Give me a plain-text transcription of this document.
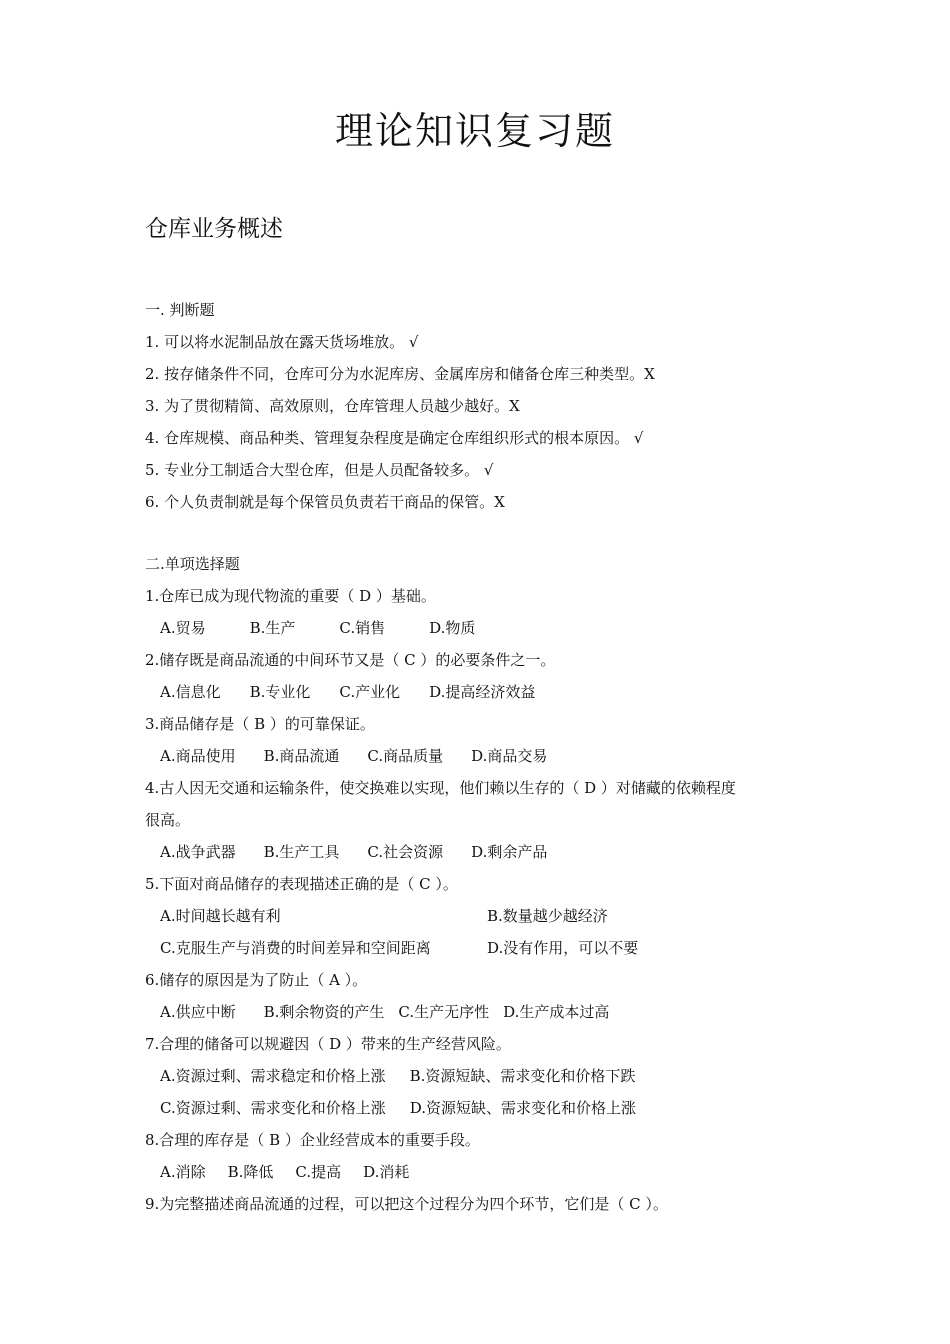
理论知识复习题
仓库业务概述
一. 判断题
1. 可以将水泥制品放在露天货场堆放。 √
2. 按存储条件不同，仓库可分为水泥库房、金属库房和储备仓库三种类型。X
3. 为了贯彻精简、高效原则，仓库管理人员越少越好。X
4. 仓库规模、商品种类、管理复杂程度是确定仓库组织形式的根本原因。 √
5. 专业分工制适合大型仓库，但是人员配备较多。 √
6. 个人负责制就是每个保管员负责若干商品的保管。X
二.单项选择题
1.仓库已成为现代物流的重要（ D ）基础。
A.贸易	B.生产	C.销售	D.物质
2.储存既是商品流通的中间环节又是（ C ）的必要条件之一。
A.信息化 B.专业化 C.产业化 D.提高经济效益
3.商品储存是（ B ）的可靠保证。
A.商品使用 B.商品流通 C.商品质量 D.商品交易
4.古人因无交通和运输条件，使交换难以实现，他们赖以生存的（ D ）对储藏的依赖程度
很高。
A.战争武器 B.生产工具 C.社会资源 D.剩余产品
5.下面对商品储存的表现描述正确的是（ C ）。
A.时间越长越有利	B.数量越少越经济
C.克服生产与消费的时间差异和空间距离	D.没有作用，可以不要
6.储存的原因是为了防止（ A ）。
A.供应中断 B.剩余物资的产生 C.生产无序性 D.生产成本过高
7.合理的储备可以规避因（ D ）带来的生产经营风险。
A.资源过剩、需求稳定和价格上涨 B.资源短缺、需求变化和价格下跌
C.资源过剩、需求变化和价格上涨 D.资源短缺、需求变化和价格上涨
8.合理的库存是（ B ）企业经营成本的重要手段。
A.消除 B.降低 C.提高 D.消耗
9.为完整描述商品流通的过程，可以把这个过程分为四个环节，它们是（ C ）。
